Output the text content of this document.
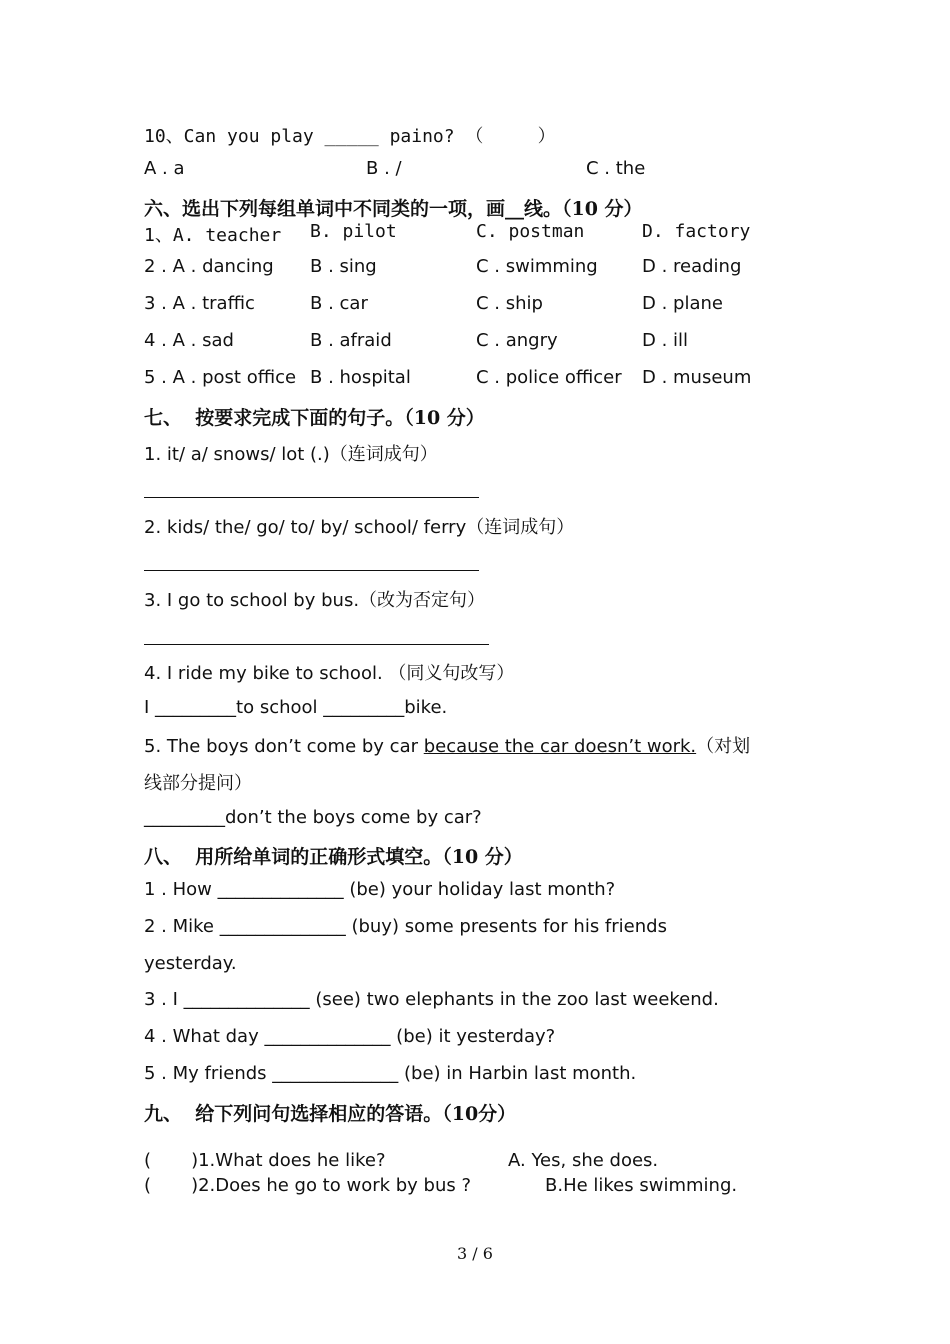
10、Can you play _____ paino? （     ）
A . a	B . /	C . the
六、选出下列每组单词中不同类的一项，画__线。（10 分）
1、A. teacher B. pilot	C. postman	D. factory
2 . A . dancing B . sing	C . swimming D . reading
3 . A . traffic	B . car	C . ship	D . plane
4 . A . sad	B . afraid	C . angry	D . ill
5 . A . post office B . hospital	C . police officer D . museum
七、  按要求完成下面的句子。（10 分）
1. it/ a/ snows/ lot (.)（连词成句）
2. kids/ the/ go/ to/ by/ school/ ferry（连词成句）
3. I go to school by bus.（改为否定句）
4. I ride my bike to school. （同义句改写）
I _________to school _________bike.
5. The boys don’t come by car because the car doesn’t work.（对划
线部分提问）
_________don’t the boys come by car?
八、  用所给单词的正确形式填空。（10 分）
1 . How ______________ (be) your holiday last month?
2 . Mike ______________ (buy) some presents for his friends
yesterday.
3 . I ______________ (see) two elephants in the zoo last weekend.
4 . What day ______________ (be) it yesterday?
5 . My friends ______________ (be) in Harbin last month.
九、  给下列问句选择相应的答语。（10分）
(       )1.What does he like?	A. Yes, she does.
(       )2.Does he go to work by bus ?	B.He likes swimming.
3 / 6
